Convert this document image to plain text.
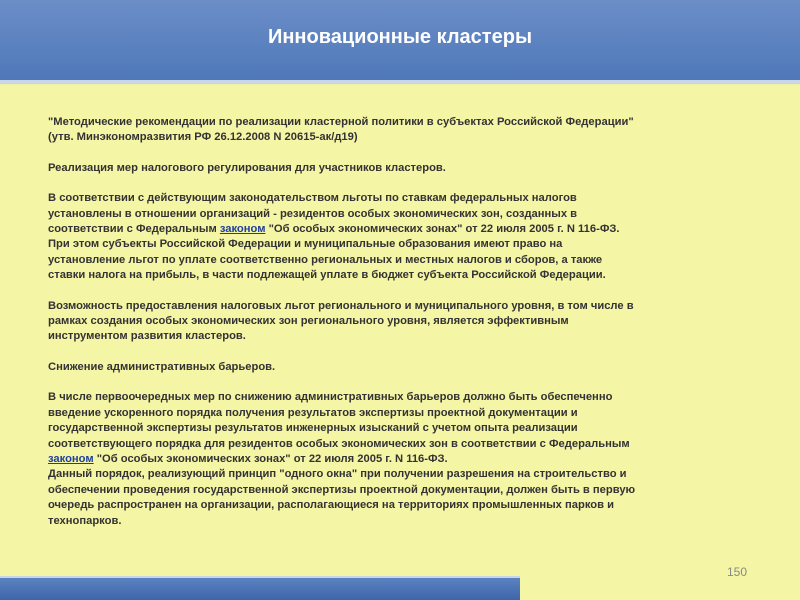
Инновационные кластеры

"Методические рекомендации по реализации кластерной политики в субъектах Российской Федерации"
(утв. Минэкономразвития РФ 26.12.2008 N 20615-ак/д19)

Реализация мер налогового регулирования для участников кластеров.

В соответствии с действующим законодательством льготы по ставкам федеральных налогов
установлены в отношении организаций - резидентов особых экономических зон, созданных в
соответствии с Федеральным законом "Об особых экономических зонах" от 22 июля 2005 г. N 116-ФЗ.
При этом субъекты Российской Федерации и муниципальные образования имеют право на
установление льгот по уплате соответственно региональных и местных налогов и сборов, а также
ставки налога на прибыль, в части подлежащей уплате в бюджет субъекта Российской Федерации.

Возможность предоставления налоговых льгот регионального и муниципального уровня, в том числе в
рамках создания особых экономических зон регионального уровня, является эффективным
инструментом развития кластеров.

Снижение административных барьеров.

В числе первоочередных мер по снижению административных барьеров должно быть обеспеченно
введение ускоренного порядка получения результатов экспертизы проектной документации и
государственной экспертизы результатов инженерных изысканий с учетом опыта реализации
соответствующего порядка для резидентов особых экономических зон в соответствии с Федеральным
законом "Об особых экономических зонах" от 22 июля 2005 г. N 116-ФЗ.
Данный порядок, реализующий принцип "одного окна" при получении разрешения на строительство и
обеспечении проведения государственной экспертизы проектной документации, должен быть в первую
очередь распространен на организации, располагающиеся на территориях промышленных парков и
технопарков.

150
